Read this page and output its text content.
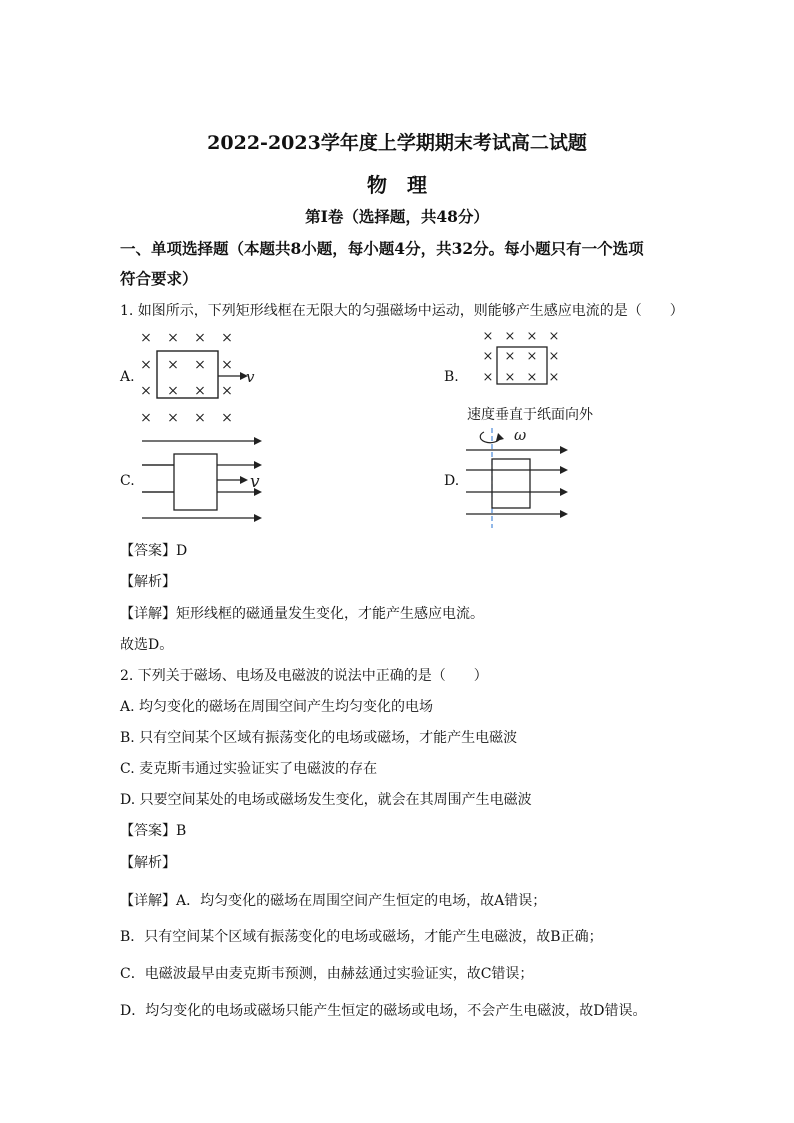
2022-2023学年度上学期期末考试高二试题
物　理
第Ⅰ卷（选择题，共48分）
一、单项选择题（本题共8小题，每小题4分，共32分。每小题只有一个选项
符合要求）
1. 如图所示，下列矩形线框在无限大的匀强磁场中运动，则能够产生感应电流的是（　　）
A.	B.
C.	D.
× × × ×
× × × ×
× × × ×
× × × ×
v
× × × ×
× × × ×
× × × ×
速度垂直于纸面向外
v
ω
【答案】D
【解析】
【详解】矩形线框的磁通量发生变化，才能产生感应电流。
故选D。
2. 下列关于磁场、电场及电磁波的说法中正确的是（　　）
A. 均匀变化的磁场在周围空间产生均匀变化的电场
B. 只有空间某个区域有振荡变化的电场或磁场，才能产生电磁波
C. 麦克斯韦通过实验证实了电磁波的存在
D. 只要空间某处的电场或磁场发生变化，就会在其周围产生电磁波
【答案】B
【解析】
【详解】A．均匀变化的磁场在周围空间产生恒定的电场，故A错误；
B．只有空间某个区域有振荡变化的电场或磁场，才能产生电磁波，故B正确；
C．电磁波最早由麦克斯韦预测，由赫兹通过实验证实，故C错误；
D．均匀变化的电场或磁场只能产生恒定的磁场或电场，不会产生电磁波，故D错误。
